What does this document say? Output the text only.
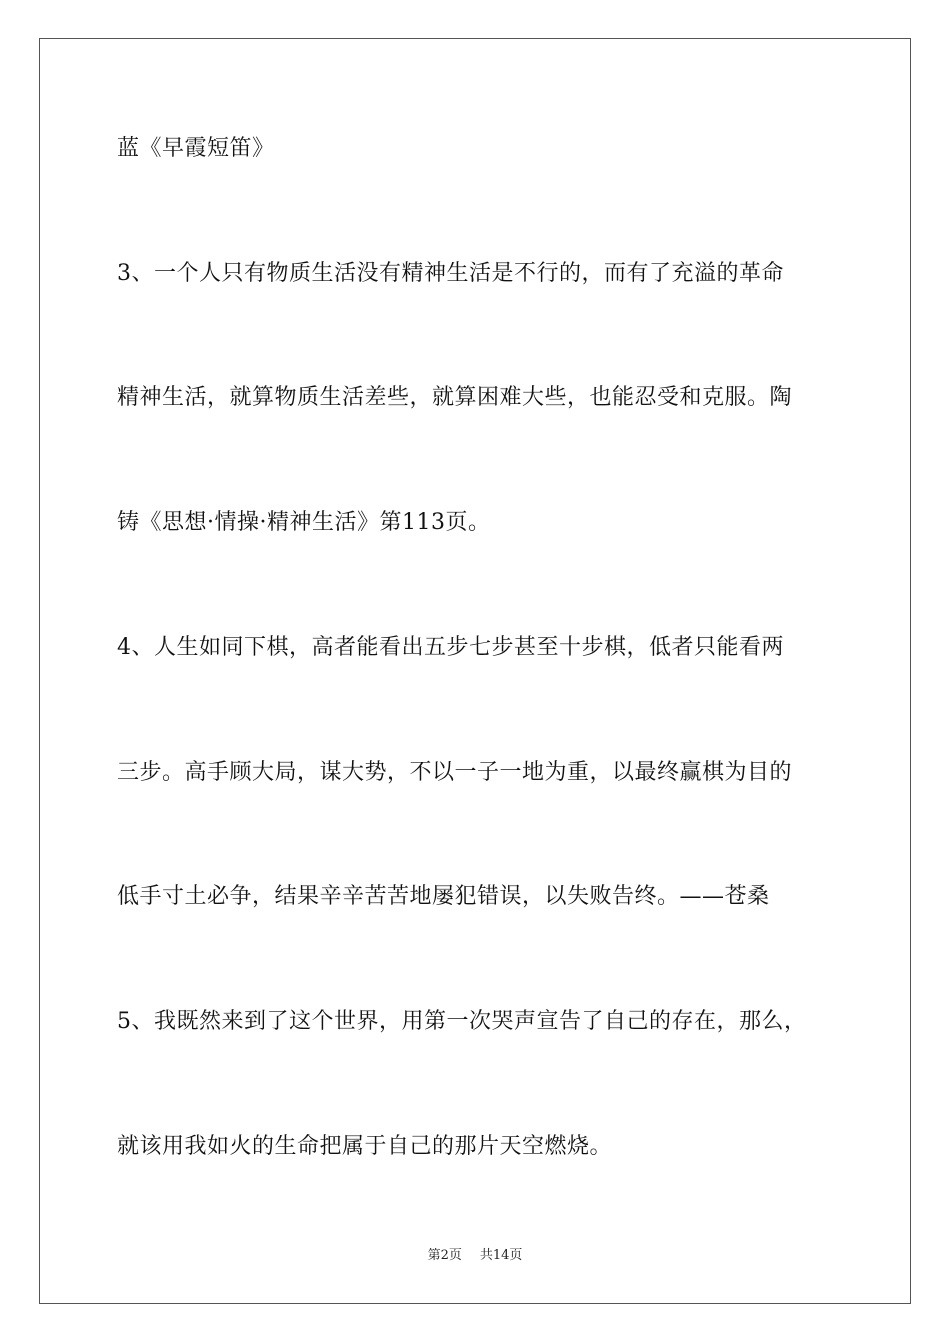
蓝《早霞短笛》
3、一个人只有物质生活没有精神生活是不行的，而有了充溢的革命
精神生活，就算物质生活差些，就算困难大些，也能忍受和克服。陶
铸《思想·情操·精神生活》第113页。
4、人生如同下棋，高者能看出五步七步甚至十步棋，低者只能看两
三步。高手顾大局，谋大势，不以一子一地为重，以最终赢棋为目的
低手寸土必争，结果辛辛苦苦地屡犯错误，以失败告终。——苍桑
5、我既然来到了这个世界，用第一次哭声宣告了自己的存在，那么，
就该用我如火的生命把属于自己的那片天空燃烧。
第2页 共14页
